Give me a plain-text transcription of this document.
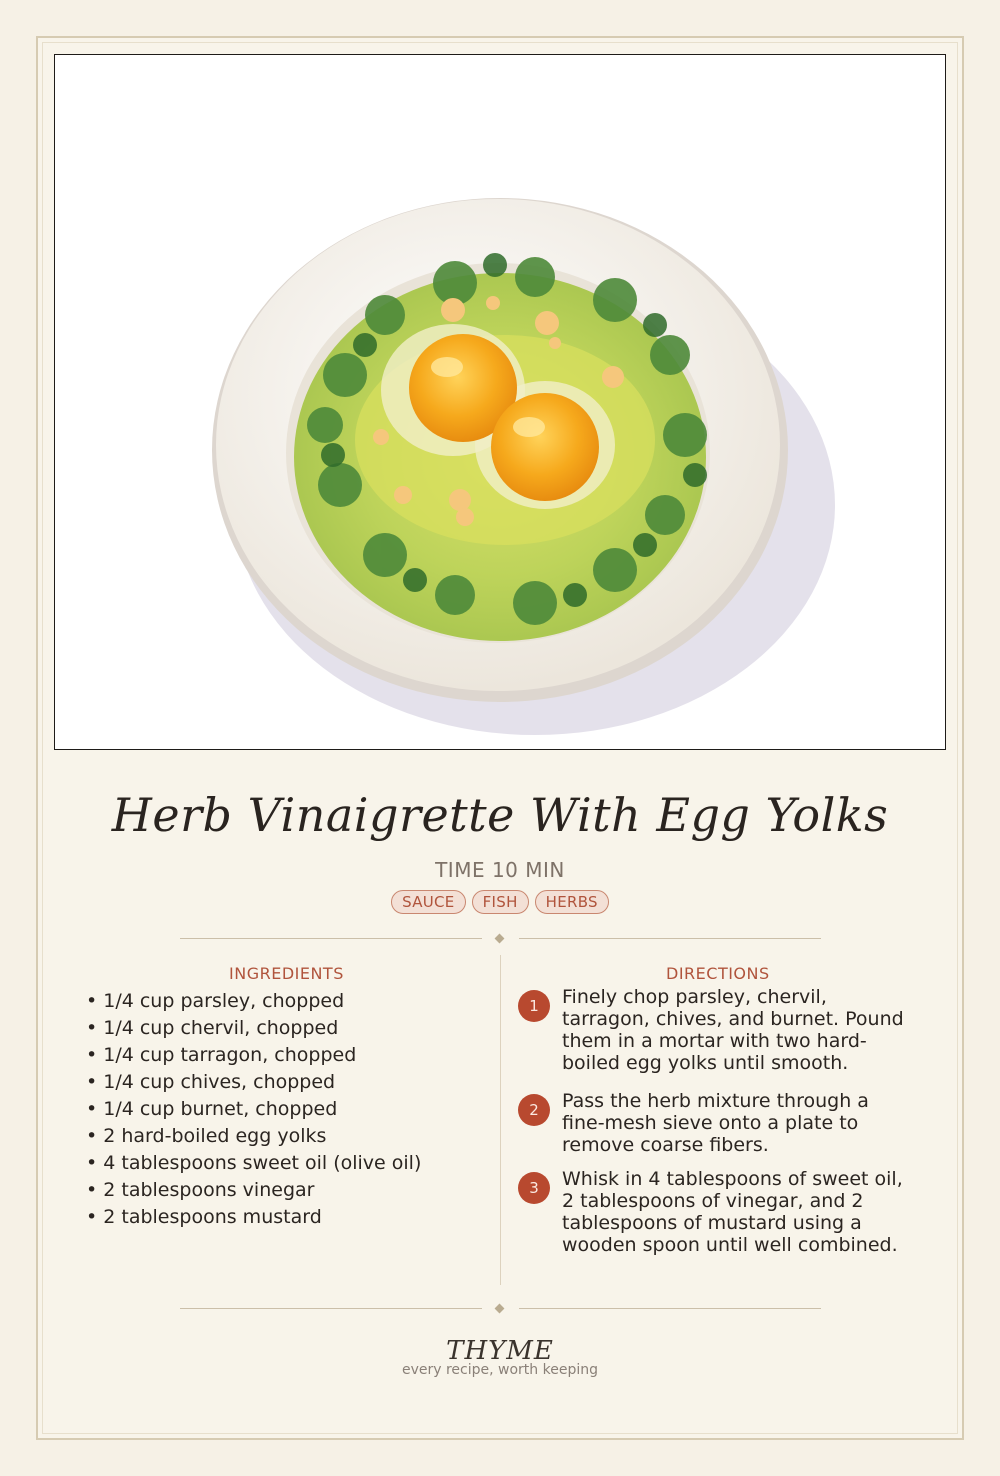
Herb Vinaigrette With Egg Yolks
TIME 10 MIN
SAUCE FISH HERBS
INGREDIENTS	DIRECTIONS
• 1/4 cup parsley, chopped
• 1/4 cup chervil, chopped
• 1/4 cup tarragon, chopped
• 1/4 cup chives, chopped
• 1/4 cup burnet, chopped
• 2 hard-boiled egg yolks
• 4 tablespoons sweet oil (olive oil)
• 2 tablespoons vinegar
• 2 tablespoons mustard
1	Finely chop parsley, chervil, tarragon, chives, and burnet. Pound them in a mortar with two hard-boiled egg yolks until smooth.
2	Pass the herb mixture through a fine-mesh sieve onto a plate to remove coarse fibers.
3	Whisk in 4 tablespoons of sweet oil, 2 tablespoons of vinegar, and 2 tablespoons of mustard using a wooden spoon until well combined.
THYME
every recipe, worth keeping
